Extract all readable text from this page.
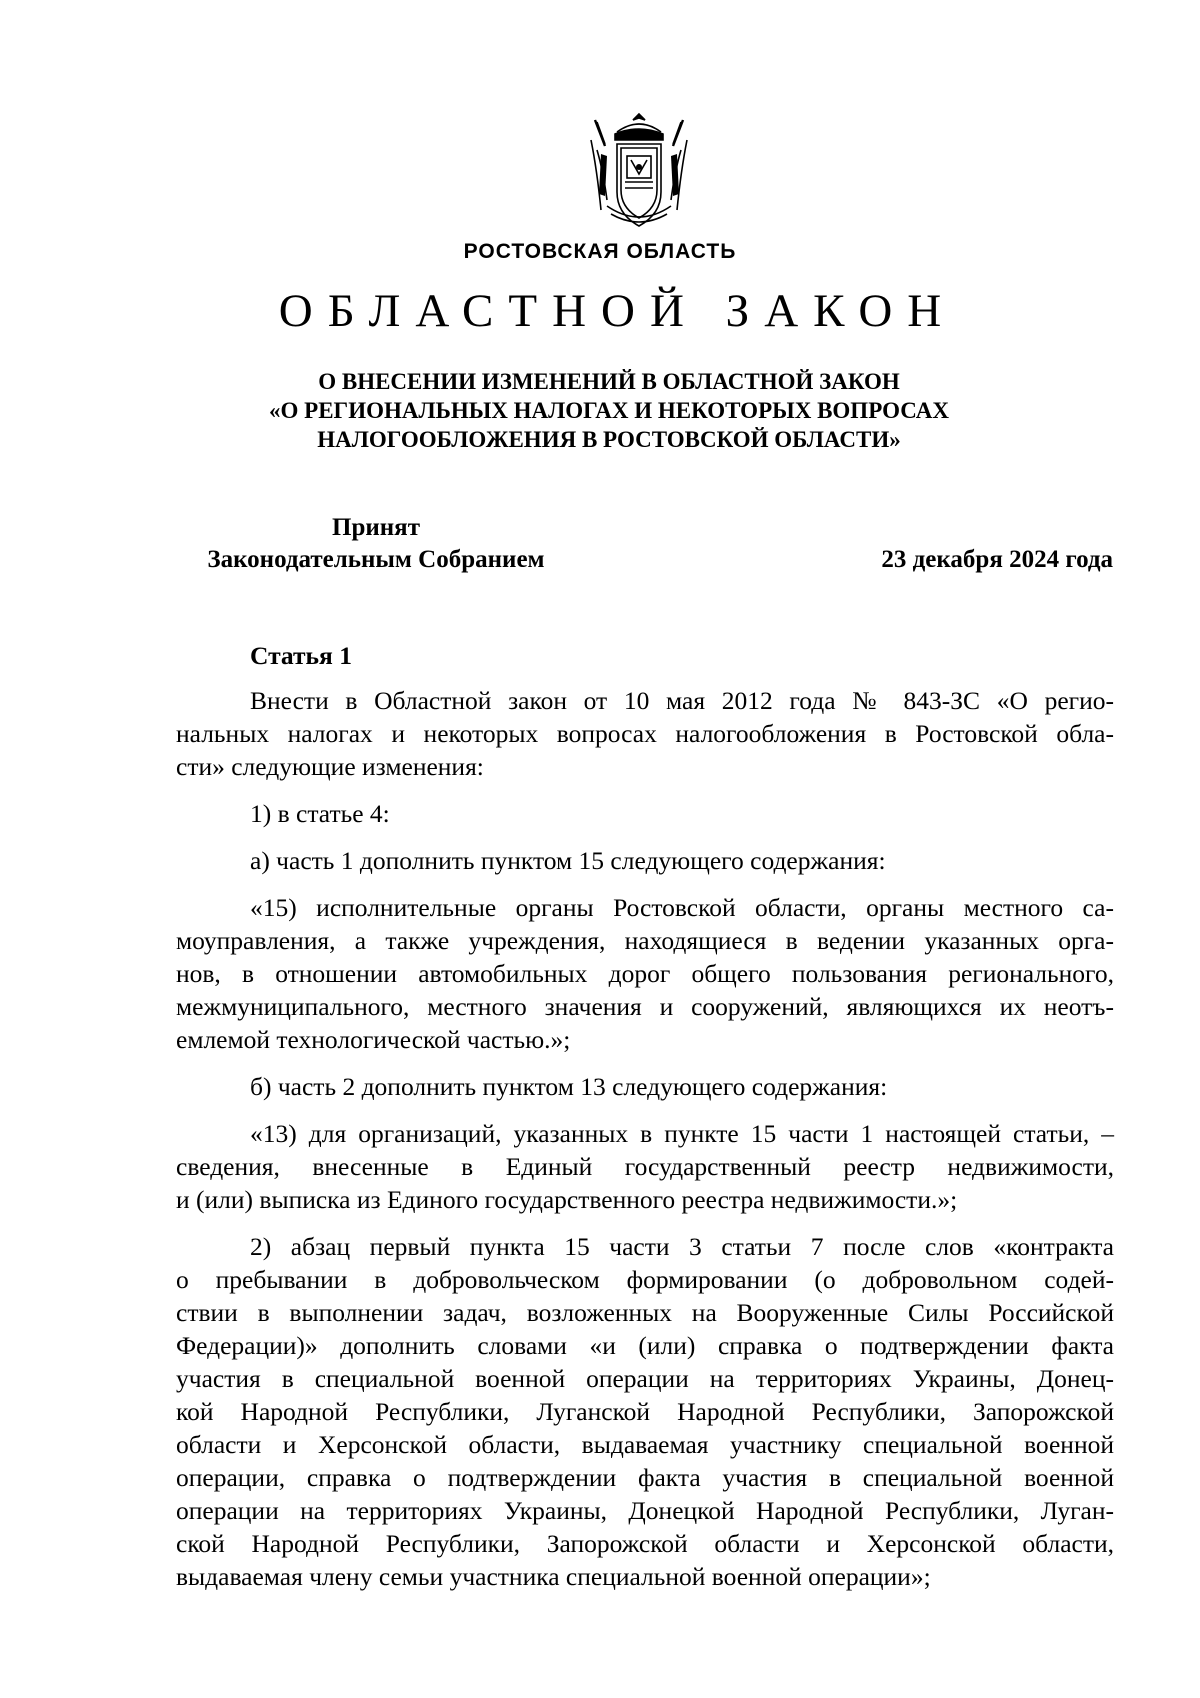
РОСТОВСКАЯ ОБЛАСТЬ
ОБЛАСТНОЙ ЗАКОН
О ВНЕСЕНИИ ИЗМЕНЕНИЙ В ОБЛАСТНОЙ ЗАКОН
«О РЕГИОНАЛЬНЫХ НАЛОГАХ И НЕКОТОРЫХ ВОПРОСАХ
НАЛОГООБЛОЖЕНИЯ В РОСТОВСКОЙ ОБЛАСТИ»
Принят
Законодательным Собранием	23 декабря 2024 года
Статья 1
Внести в Областной закон от 10 мая 2012 года № 843-ЗС «О регио-
нальных налогах и некоторых вопросах налогообложения в Ростовской обла-
сти» следующие изменения:
1) в статье 4:
а) часть 1 дополнить пунктом 15 следующего содержания:
«15) исполнительные органы Ростовской области, органы местного са-
моуправления, а также учреждения, находящиеся в ведении указанных орга-
нов, в отношении автомобильных дорог общего пользования регионального,
межмуниципального, местного значения и сооружений, являющихся их неотъ-
емлемой технологической частью.»;
б) часть 2 дополнить пунктом 13 следующего содержания:
«13) для организаций, указанных в пункте 15 части 1 настоящей статьи, –
сведения, внесенные в Единый государственный реестр недвижимости,
и (или) выписка из Единого государственного реестра недвижимости.»;
2) абзац первый пункта 15 части 3 статьи 7 после слов «контракта
о пребывании в добровольческом формировании (о добровольном содей-
ствии в выполнении задач, возложенных на Вооруженные Силы Российской
Федерации)» дополнить словами «и (или) справка о подтверждении факта
участия в специальной военной операции на территориях Украины, Донец-
кой Народной Республики, Луганской Народной Республики, Запорожской
области и Херсонской области, выдаваемая участнику специальной военной
операции, справка о подтверждении факта участия в специальной военной
операции на территориях Украины, Донецкой Народной Республики, Луган-
ской Народной Республики, Запорожской области и Херсонской области,
выдаваемая члену семьи участника специальной военной операции»;
